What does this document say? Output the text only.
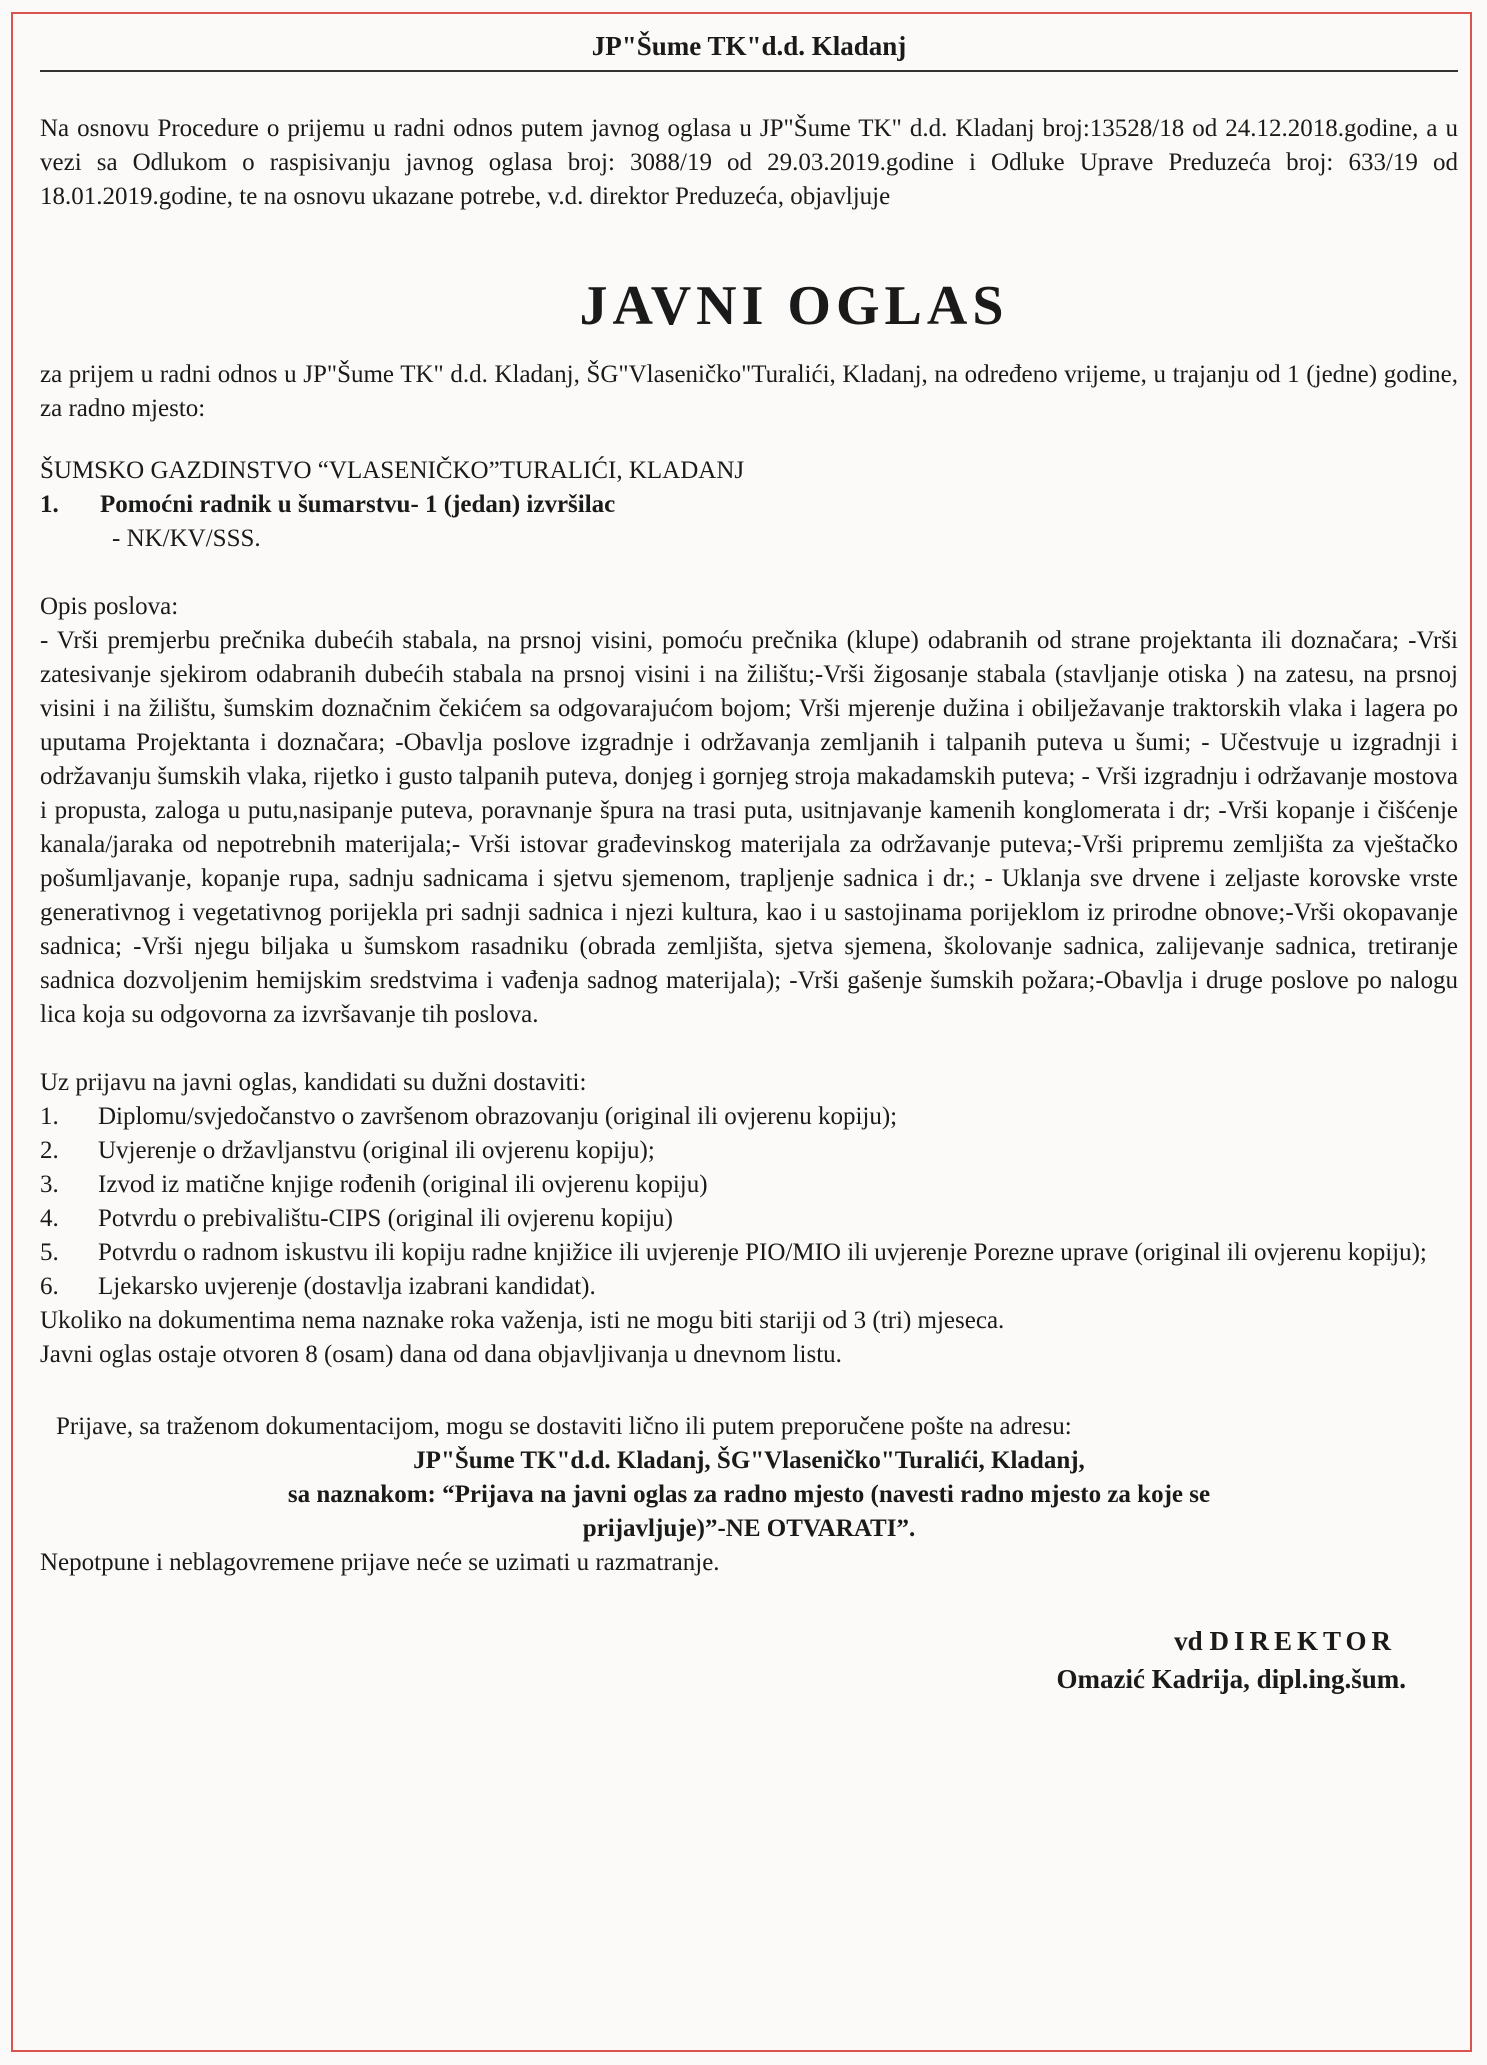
JP"Šume TK"d.d. Kladanj

Na osnovu Procedure o prijemu u radni odnos putem javnog oglasa u JP"Šume TK" d.d. Kladanj broj:13528/18 od 24.12.2018.godine, a u vezi sa Odlukom o raspisivanju javnog oglasa broj: 3088/19 od 29.03.2019.godine i Odluke Uprave Preduzeća broj: 633/19 od 18.01.2019.godine, te na osnovu ukazane potrebe, v.d. direktor Preduzeća, objavljuje

JAVNI OGLAS

za prijem u radni odnos u JP"Šume TK" d.d. Kladanj, ŠG"Vlaseničko"Turalići, Kladanj, na određeno vrijeme, u trajanju od 1 (jedne) godine, za radno mjesto:

ŠUMSKO GAZDINSTVO “VLASENIČKO”TURALIĆI, KLADANJ
1.	Pomoćni radnik u šumarstvu- 1 (jedan) izvršilac
- NK/KV/SSS.
Opis poslova:

- Vrši premjerbu prečnika dubećih stabala, na prsnoj visini, pomoću prečnika (klupe) odabranih od strane projektanta ili doznačara; -Vrši zatesivanje sjekirom odabranih dubećih stabala na prsnoj visini i na žilištu;-Vrši žigosanje stabala (stavljanje otiska ) na zatesu, na prsnoj visini i na žilištu, šumskim doznačnim čekićem sa odgovarajućom bojom; Vrši mjerenje dužina i obilježavanje traktorskih vlaka i lagera po uputama Projektanta i doznačara; -Obavlja poslove izgradnje i održavanja zemljanih i talpanih puteva u šumi; - Učestvuje u izgradnji i održavanju šumskih vlaka, rijetko i gusto talpanih puteva, donjeg i gornjeg stroja makadamskih puteva; - Vrši izgradnju i održavanje mostova i propusta, zaloga u putu,nasipanje puteva, poravnanje špura na trasi puta, usitnjavanje kamenih konglomerata i dr; -Vrši kopanje i čišćenje kanala/jaraka od nepotrebnih materijala;- Vrši istovar građevinskog materijala za održavanje puteva;-Vrši pripremu zemljišta za vještačko pošumljavanje, kopanje rupa, sadnju sadnicama i sjetvu sjemenom, trapljenje sadnica i dr.; - Uklanja sve drvene i zeljaste korovske vrste generativnog i vegetativnog porijekla pri sadnji sadnica i njezi kultura, kao i u sastojinama porijeklom iz prirodne obnove;-Vrši okopavanje sadnica; -Vrši njegu biljaka u šumskom rasadniku (obrada zemljišta, sjetva sjemena, školovanje sadnica, zalijevanje sadnica, tretiranje sadnica dozvoljenim hemijskim sredstvima i vađenja sadnog materijala); -Vrši gašenje šumskih požara;-Obavlja i druge poslove po nalogu lica koja su odgovorna za izvršavanje tih poslova.

Uz prijavu na javni oglas, kandidati su dužni dostaviti:
1.	Diplomu/svjedočanstvo o završenom obrazovanju (original ili ovjerenu kopiju);
2.	Uvjerenje o državljanstvu (original ili ovjerenu kopiju);
3.	Izvod iz matične knjige rođenih (original ili ovjerenu kopiju)
4.	Potvrdu o prebivalištu-CIPS (original ili ovjerenu kopiju)
5.	Potvrdu o radnom iskustvu ili kopiju radne knjižice ili uvjerenje PIO/MIO ili uvjerenje Porezne uprave (original ili ovjerenu kopiju);
6.	Ljekarsko uvjerenje (dostavlja izabrani kandidat).
Ukoliko na dokumentima nema naznake roka važenja, isti ne mogu biti stariji od 3 (tri) mjeseca.
Javni oglas ostaje otvoren 8 (osam) dana od dana objavljivanja u dnevnom listu.
Prijave, sa traženom dokumentacijom, mogu se dostaviti lično ili putem preporučene pošte na adresu:
JP"Šume TK"d.d. Kladanj, ŠG"Vlaseničko"Turalići, Kladanj,
sa naznakom: “Prijava na javni oglas za radno mjesto (navesti radno mjesto za koje se
prijavljuje)”-NE OTVARATI”.
Nepotpune i neblagovremene prijave neće se uzimati u razmatranje.
vd DIREKTOR
Omazić Kadrija, dipl.ing.šum.
